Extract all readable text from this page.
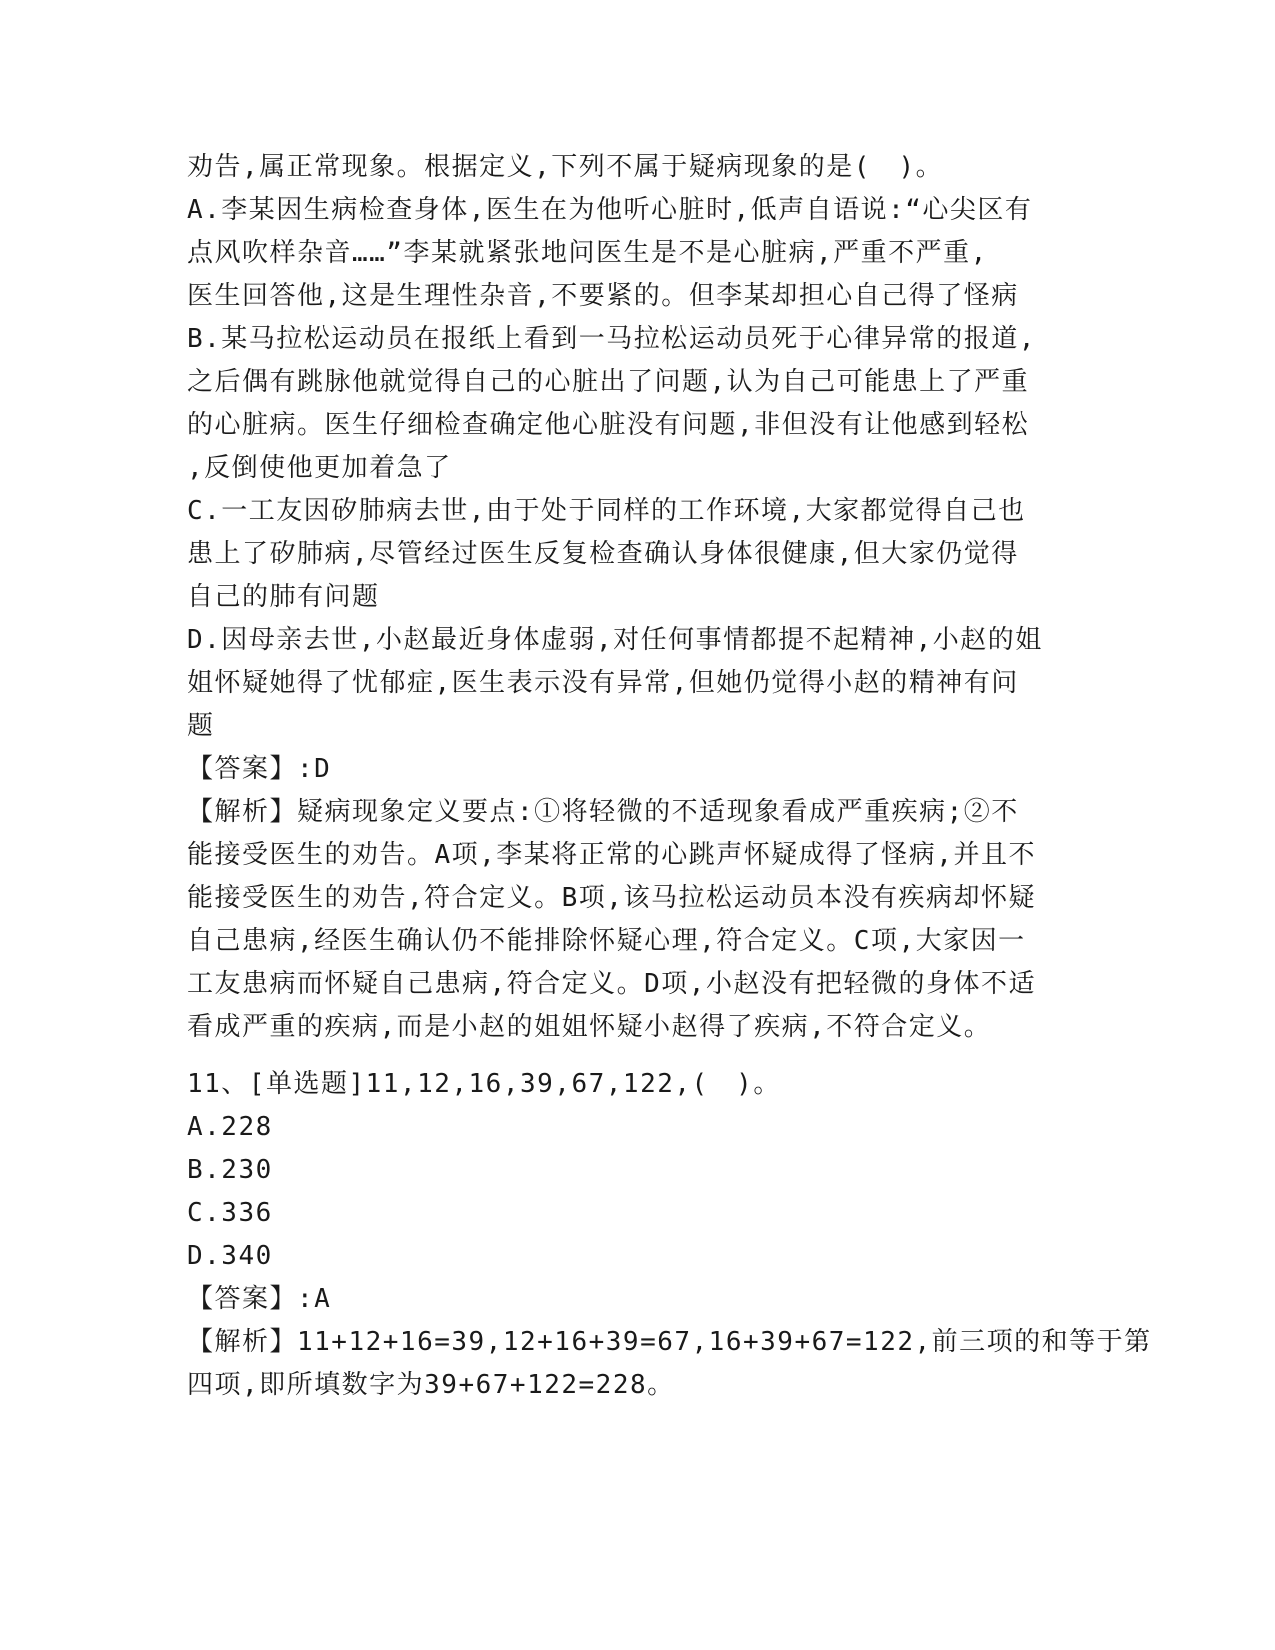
劝告,属正常现象。根据定义,下列不属于疑病现象的是(　)。
A.李某因生病检查身体,医生在为他听心脏时,低声自语说:“心尖区有
点风吹样杂音……”李某就紧张地问医生是不是心脏病,严重不严重,
医生回答他,这是生理性杂音,不要紧的。但李某却担心自己得了怪病
B.某马拉松运动员在报纸上看到一马拉松运动员死于心律异常的报道,
之后偶有跳脉他就觉得自己的心脏出了问题,认为自己可能患上了严重
的心脏病。医生仔细检查确定他心脏没有问题,非但没有让他感到轻松
,反倒使他更加着急了
C.一工友因矽肺病去世,由于处于同样的工作环境,大家都觉得自己也
患上了矽肺病,尽管经过医生反复检查确认身体很健康,但大家仍觉得
自己的肺有问题
D.因母亲去世,小赵最近身体虚弱,对任何事情都提不起精神,小赵的姐
姐怀疑她得了忧郁症,医生表示没有异常,但她仍觉得小赵的精神有问
题
【答案】:D
【解析】疑病现象定义要点:①将轻微的不适现象看成严重疾病;②不
能接受医生的劝告。A项,李某将正常的心跳声怀疑成得了怪病,并且不
能接受医生的劝告,符合定义。B项,该马拉松运动员本没有疾病却怀疑
自己患病,经医生确认仍不能排除怀疑心理,符合定义。C项,大家因一
工友患病而怀疑自己患病,符合定义。D项,小赵没有把轻微的身体不适
看成严重的疾病,而是小赵的姐姐怀疑小赵得了疾病,不符合定义。
11、[单选题]11,12,16,39,67,122,(　)。
A.228
B.230
C.336
D.340
【答案】:A
【解析】11+12+16=39,12+16+39=67,16+39+67=122,前三项的和等于第
四项,即所填数字为39+67+122=228。
